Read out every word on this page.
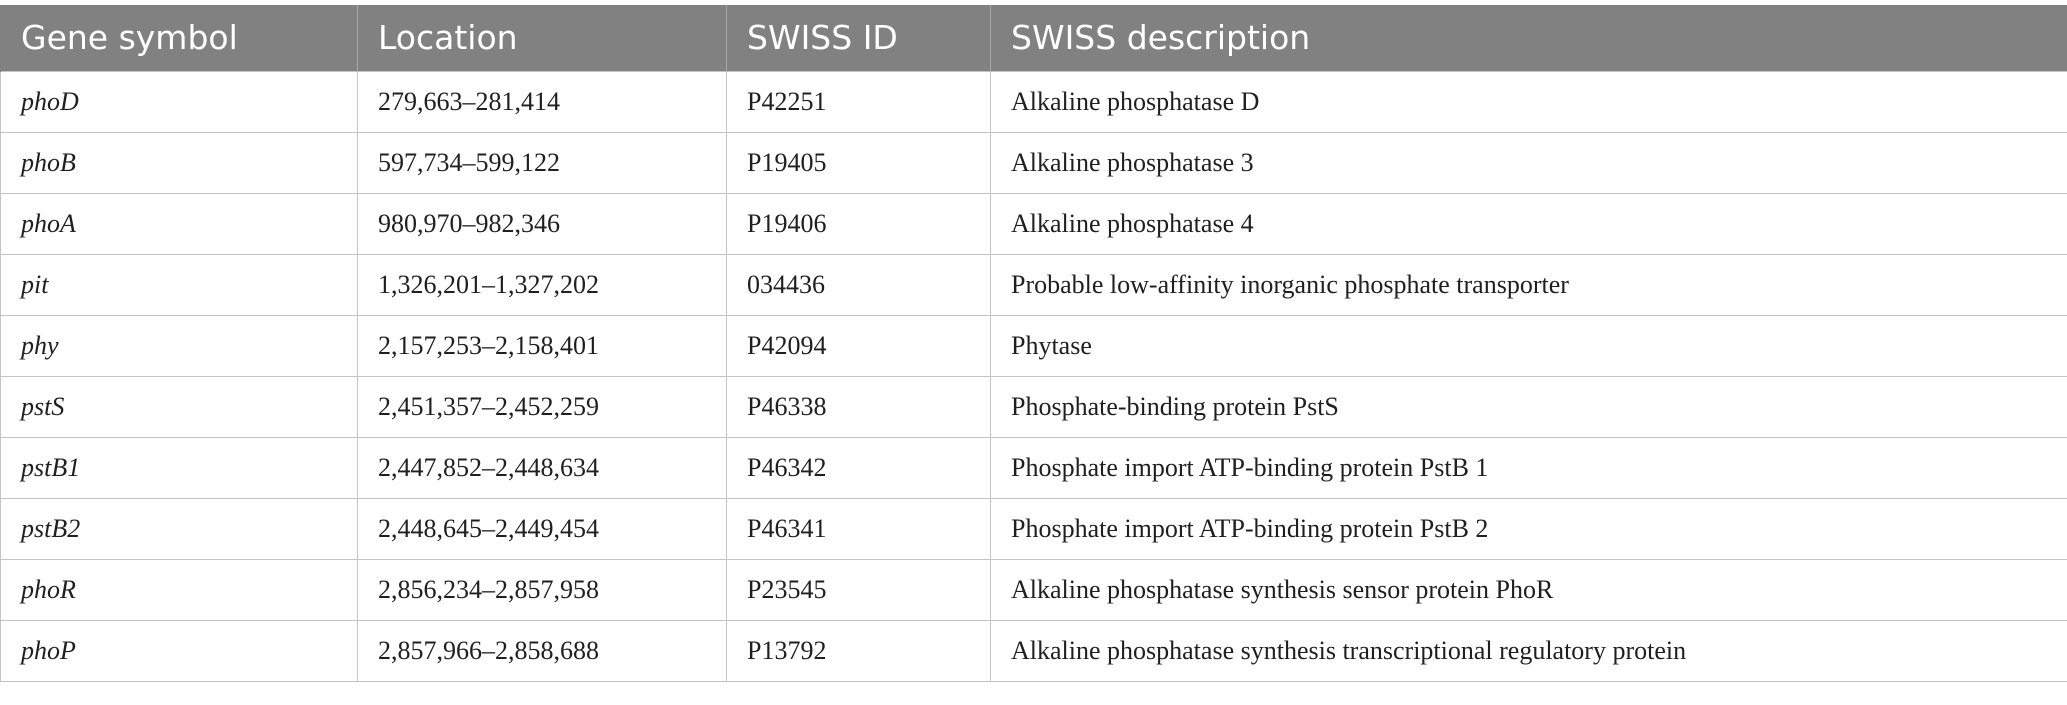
Gene symbol	Location	SWISS ID	SWISS description
phoD	279,663–281,414	P42251	Alkaline phosphatase D
phoB	597,734–599,122	P19405	Alkaline phosphatase 3
phoA	980,970–982,346	P19406	Alkaline phosphatase 4
pit	1,326,201–1,327,202	034436	Probable low-affinity inorganic phosphate transporter
phy	2,157,253–2,158,401	P42094	Phytase
pstS	2,451,357–2,452,259	P46338	Phosphate-binding protein PstS
pstB1	2,447,852–2,448,634	P46342	Phosphate import ATP-binding protein PstB 1
pstB2	2,448,645–2,449,454	P46341	Phosphate import ATP-binding protein PstB 2
phoR	2,856,234–2,857,958	P23545	Alkaline phosphatase synthesis sensor protein PhoR
phoP	2,857,966–2,858,688	P13792	Alkaline phosphatase synthesis transcriptional regulatory protein
